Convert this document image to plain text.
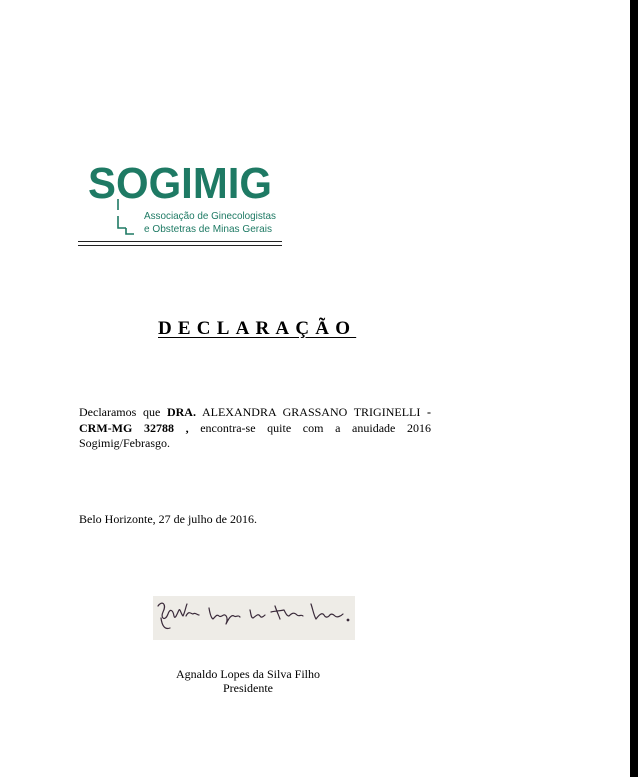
SOGIMIG
Associação de Ginecologistas
e Obstetras de Minas Gerais
DECLARAÇÃO
Declaramos que DRA. ALEXANDRA GRASSANO TRIGINELLI - CRM-MG 32788 , encontra-se quite com a anuidade 2016 Sogimig/Febrasgo.
Belo Horizonte, 27 de julho de 2016.
Agnaldo Lopes da Silva Filho
Presidente
